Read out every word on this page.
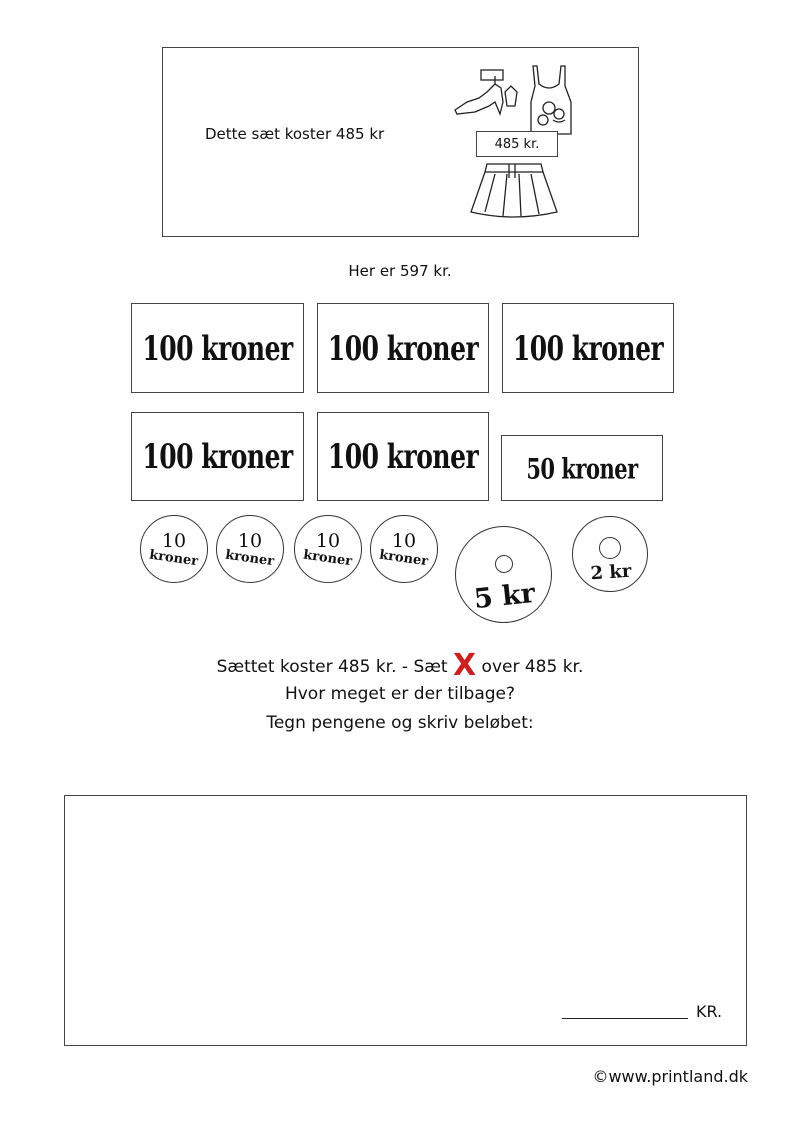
Dette sæt koster 485 kr
485 kr.
Her er 597 kr.
100 kroner 100 kroner 100 kroner
100 kroner 100 kroner 50 kroner
10
kroner
10
kroner
10
kroner
10
kroner
5 kr
2 kr
Sættet koster 485 kr. - Sæt X over 485 kr.
Hvor meget er der tilbage?
Tegn pengene og skriv beløbet:
KR.
©www.printland.dk
